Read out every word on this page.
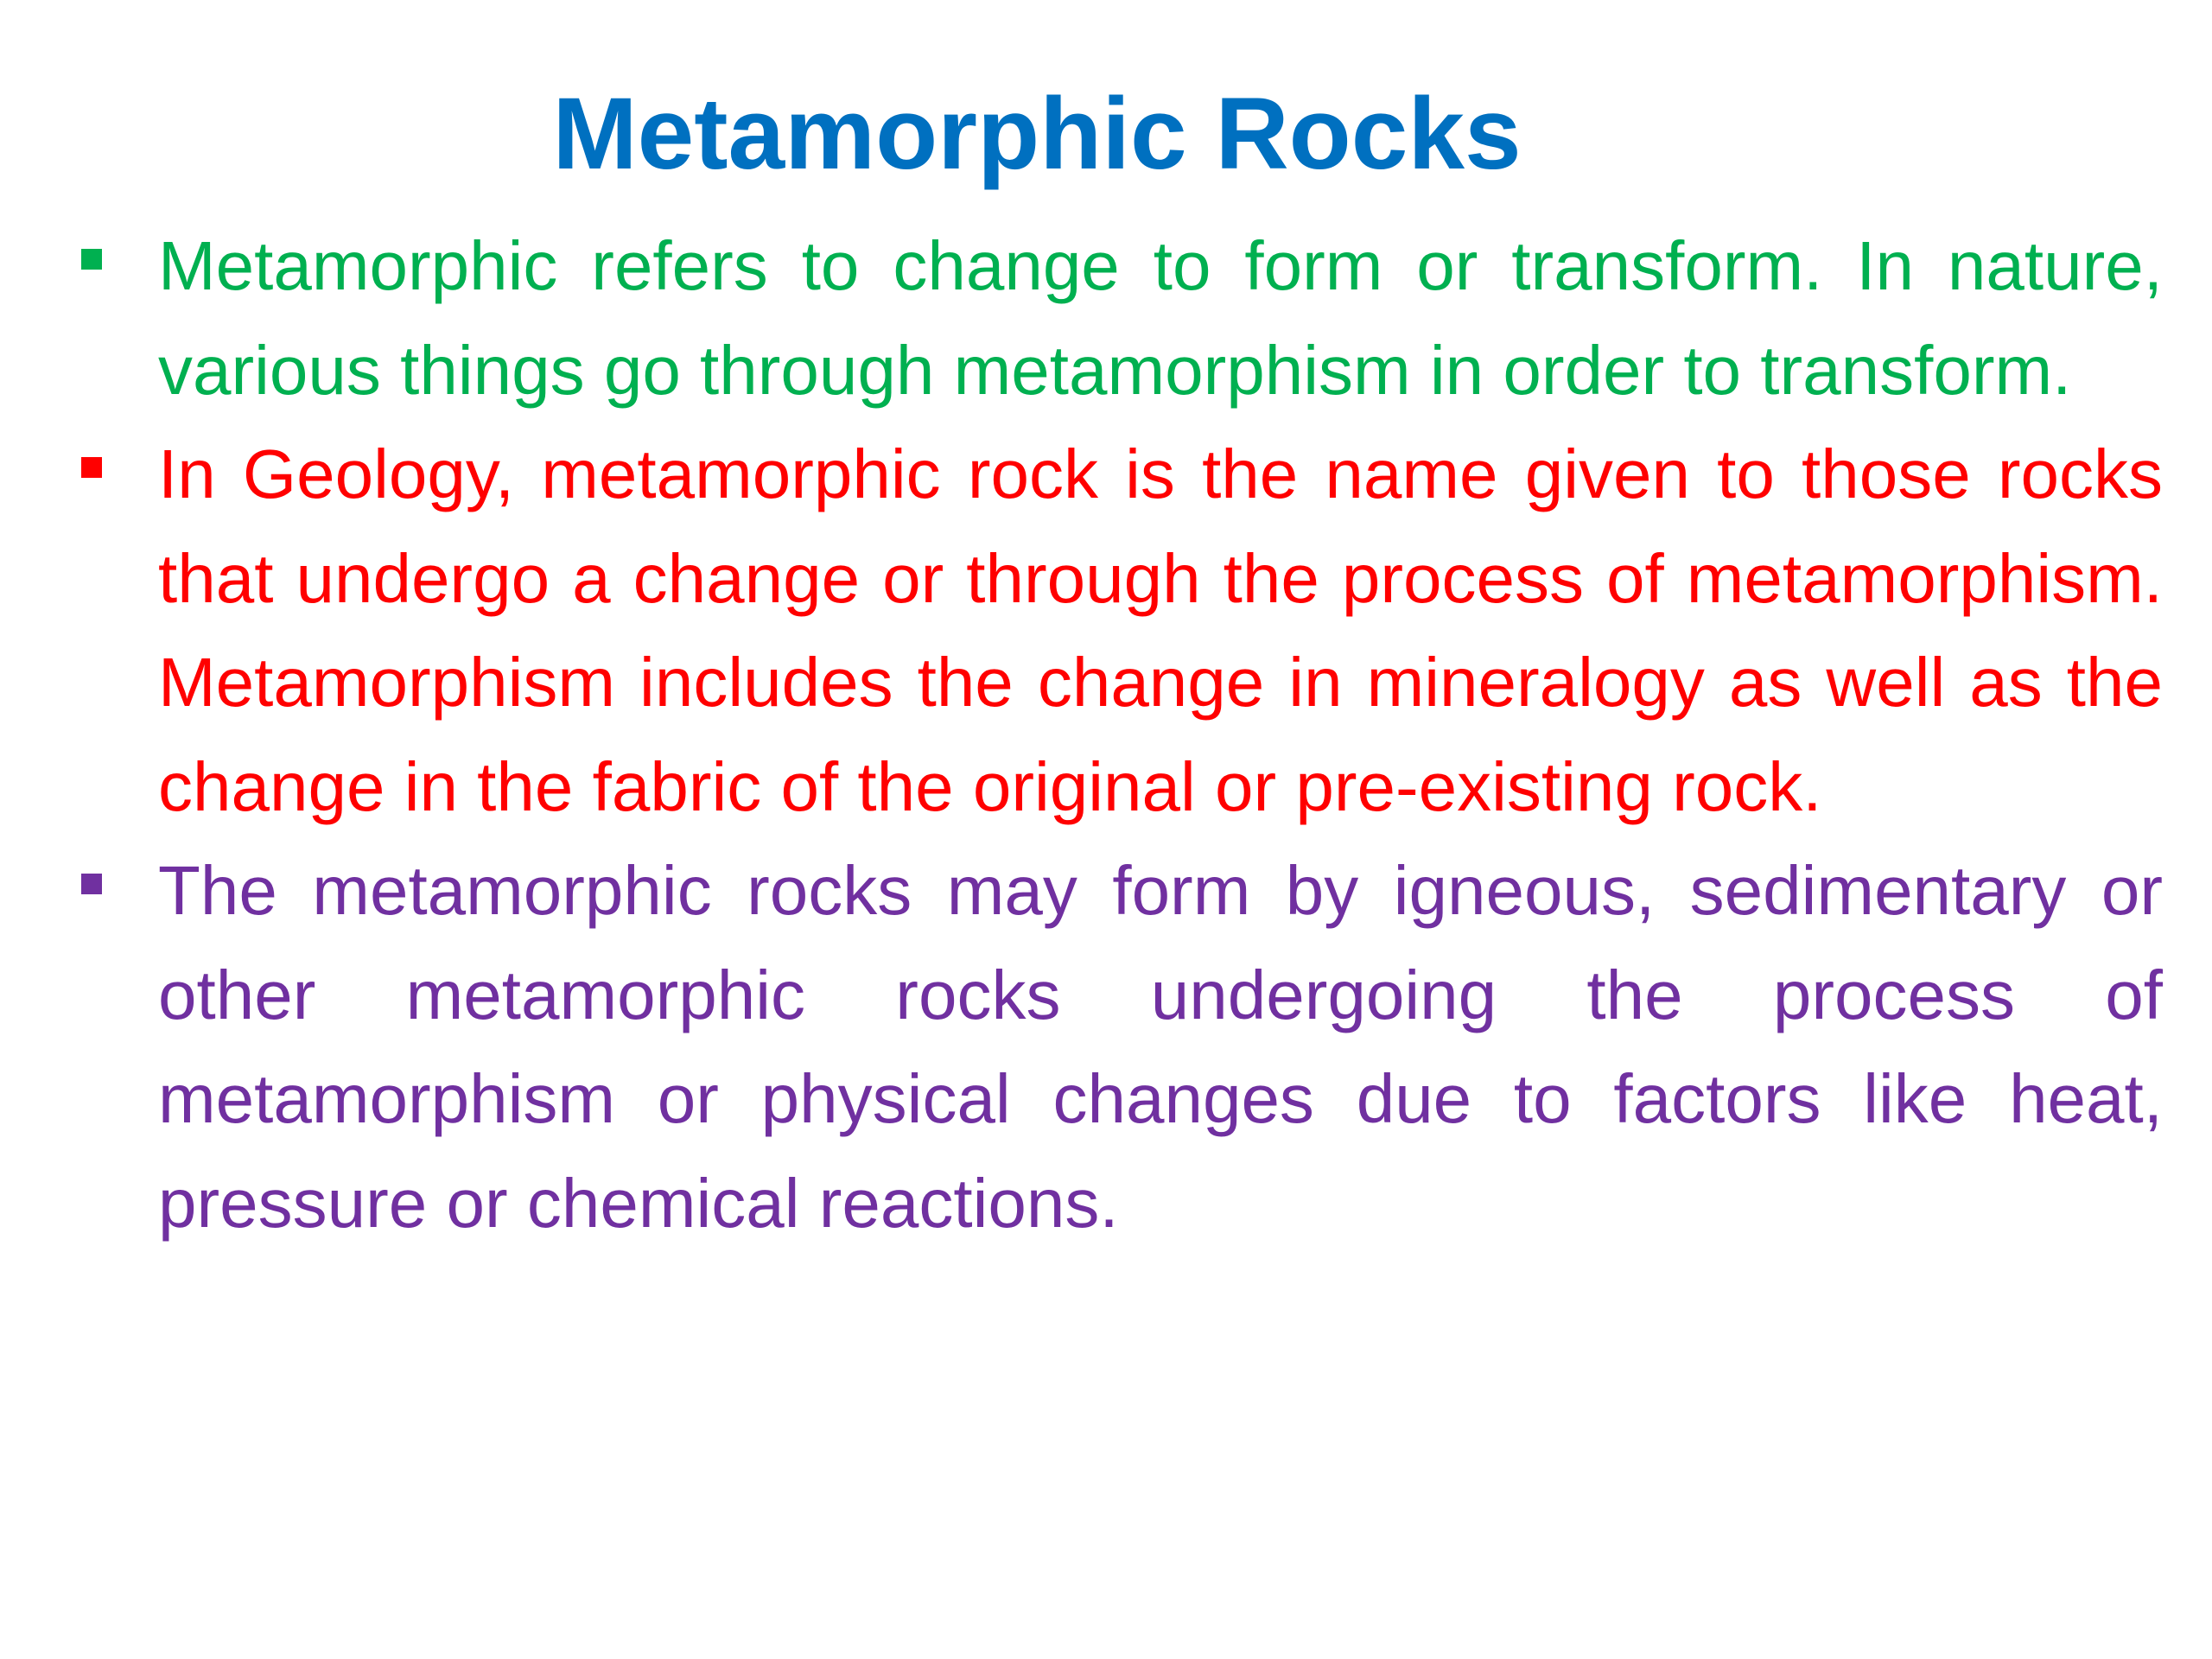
Metamorphic Rocks
Metamorphic refers to change to form or transform. In nature, various things go through metamorphism in order to transform.
In Geology, metamorphic rock is the name given to those rocks that undergo a change or through the process of metamorphism. Metamorphism includes the change in mineralogy as well as the change in the fabric of the original or pre-existing rock.
The metamorphic rocks may form by igneous, sedimentary or other metamorphic rocks undergoing the process of metamorphism or physical changes due to factors like heat, pressure or chemical reactions.
